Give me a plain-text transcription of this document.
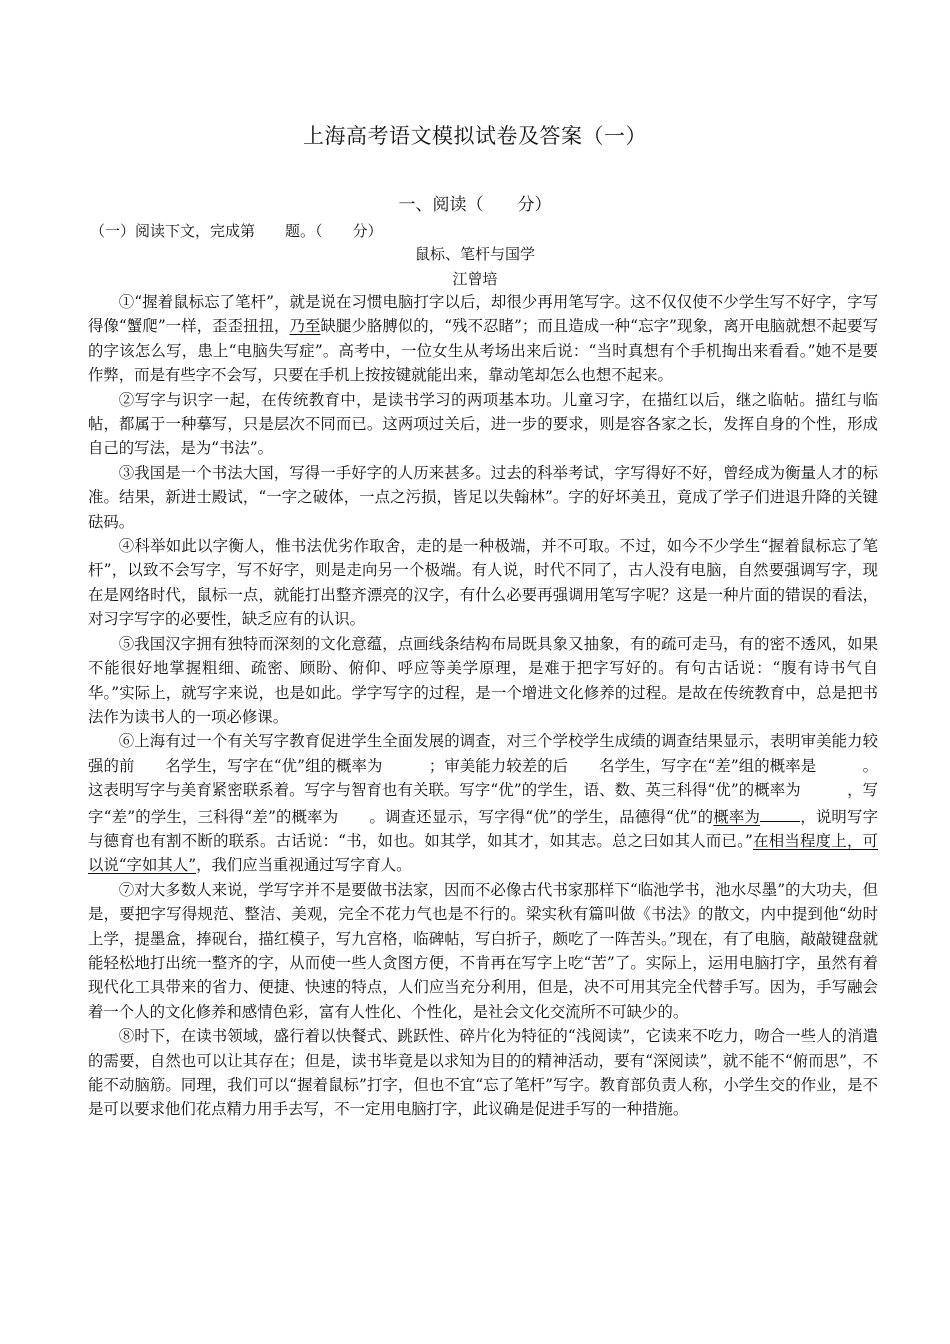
上海高考语文模拟试卷及答案（一）
一、阅读（　　分）
（一）阅读下文，完成第　　题。（　　分）
鼠标、笔杆与国学
江曾培

①“握着鼠标忘了笔杆”，就是说在习惯电脑打字以后，却很少再用笔写字。这不仅仅使不少学生写不好字，字写得像“蟹爬”一样，歪歪扭扭，乃至缺腿少胳膊似的，“残不忍睹”；而且造成一种“忘字”现象，离开电脑就想不起要写的字该怎么写，患上“电脑失写症”。高考中，一位女生从考场出来后说：“当时真想有个手机掏出来看看。”她不是要作弊，而是有些字不会写，只要在手机上按按键就能出来，靠动笔却怎么也想不起来。

②写字与识字一起，在传统教育中，是读书学习的两项基本功。儿童习字，在描红以后，继之临帖。描红与临帖，都属于一种摹写，只是层次不同而已。这两项过关后，进一步的要求，则是容各家之长，发挥自身的个性，形成自己的写法，是为“书法”。

③我国是一个书法大国，写得一手好字的人历来甚多。过去的科举考试，字写得好不好，曾经成为衡量人才的标准。结果，新进士殿试，“一字之破体，一点之污损，皆足以失翰林”。字的好坏美丑，竟成了学子们进退升降的关键砝码。

④科举如此以字衡人，惟书法优劣作取舍，走的是一种极端，并不可取。不过，如今不少学生“握着鼠标忘了笔杆”，以致不会写字，写不好字，则是走向另一个极端。有人说，时代不同了，古人没有电脑，自然要强调写字，现在是网络时代，鼠标一点，就能打出整齐漂亮的汉字，有什么必要再强调用笔写字呢？这是一种片面的错误的看法，对习字写字的必要性，缺乏应有的认识。

⑤我国汉字拥有独特而深刻的文化意蕴，点画线条结构布局既具象又抽象，有的疏可走马，有的密不透风，如果不能很好地掌握粗细、疏密、顾盼、俯仰、呼应等美学原理，是难于把字写好的。有句古话说：“腹有诗书气自华。”实际上，就写字来说，也是如此。学字写字的过程，是一个增进文化修养的过程。是故在传统教育中，总是把书法作为读书人的一项必修课。

⑥上海有过一个有关写字教育促进学生全面发展的调查，对三个学校学生成绩的调查结果显示，表明审美能力较强的前　　名学生，写字在“优”组的概率为　　　；审美能力较差的后　　名学生，写字在“差”组的概率是　　　。这表明写字与美育紧密联系着。写字与智育也有关联。写字“优”的学生，语、数、英三科得“优”的概率为　　　，写字“差”的学生，三科得“差”的概率为　　。调查还显示，写字得“优”的学生，品德得“优”的概率为	，说明写字与德育也有割不断的联系。古话说：“书，如也。如其学，如其才，如其志。总之曰如其人而已。”在相当程度上，可以说“字如其人”，我们应当重视通过写字育人。

⑦对大多数人来说，学写字并不是要做书法家，因而不必像古代书家那样下“临池学书，池水尽墨”的大功夫，但是，要把字写得规范、整洁、美观，完全不花力气也是不行的。梁实秋有篇叫做《书法》的散文，内中提到他“幼时上学，提墨盒，捧砚台，描红模子，写九宫格，临碑帖，写白折子，颇吃了一阵苦头。”现在，有了电脑，敲敲键盘就能轻松地打出统一整齐的字，从而使一些人贪图方便，不肯再在写字上吃“苦”了。实际上，运用电脑打字，虽然有着现代化工具带来的省力、便捷、快速的特点，人们应当充分利用，但是，决不可用其完全代替手写。因为，手写融会着一个人的文化修养和感情色彩，富有人性化、个性化，是社会文化交流所不可缺少的。

⑧时下，在读书领域，盛行着以快餐式、跳跃性、碎片化为特征的“浅阅读”，它读来不吃力，吻合一些人的消遣的需要，自然也可以让其存在；但是，读书毕竟是以求知为目的的精神活动，要有“深阅读”，就不能不“俯而思”，不能不动脑筋。同理，我们可以“握着鼠标”打字，但也不宜“忘了笔杆”写字。教育部负责人称，小学生交的作业，是不是可以要求他们花点精力用手去写，不一定用电脑打字，此议确是促进手写的一种措施。
